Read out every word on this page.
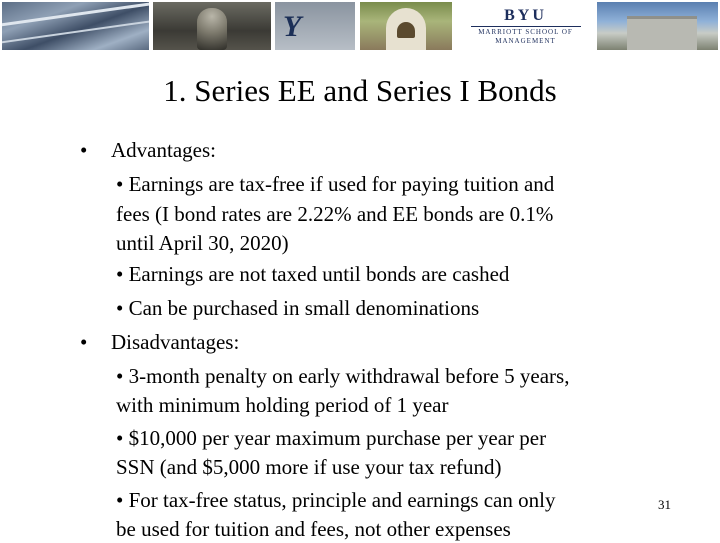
Y	BYU
MARRIOTT SCHOOL OF MANAGEMENT
1. Series EE and Series I Bonds
• Advantages:
• Earnings are tax-free if used for paying tuition and
fees (I bond rates are 2.22% and EE bonds are 0.1%
until April 30, 2020)
• Earnings are not taxed until bonds are cashed
• Can be purchased in small denominations
• Disadvantages:
• 3-month penalty on early withdrawal before 5 years,
with minimum holding period of 1 year
• $10,000 per year maximum purchase per year per
SSN (and $5,000 more if use your tax refund)
• For tax-free status, principle and earnings can only
be used for tuition and fees, not other expenses
31
